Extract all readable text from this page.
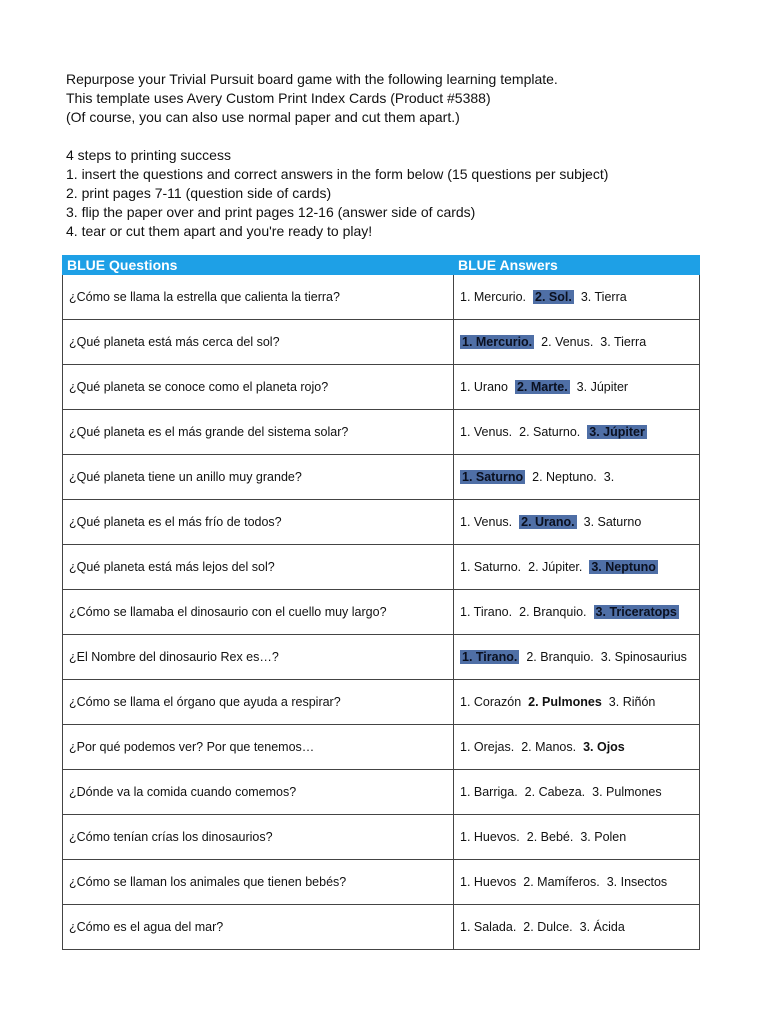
Repurpose your Trivial Pursuit board game with the following learning template.

This template uses Avery Custom Print Index Cards (Product #5388)

(Of course, you can also use normal paper and cut them apart.)

4 steps to printing success

1. insert the questions and correct answers in the form below (15 questions per subject)

2. print pages 7-11 (question side of cards)

3. flip the paper over and print pages 12-16 (answer side of cards)

4. tear or cut them apart and you're ready to play!

BLUE Questions	BLUE Answers
¿Cómo se llama la estrella que calienta la tierra?	1. Mercurio. 2. Sol. 3. Tierra
¿Qué planeta está más cerca del sol?	1. Mercurio. 2. Venus. 3. Tierra
¿Qué planeta se conoce como el planeta rojo?	1. Urano 2. Marte. 3. Júpiter
¿Qué planeta es el más grande del sistema solar?	1. Venus. 2. Saturno. 3. Júpiter
¿Qué planeta tiene un anillo muy grande?	1. Saturno 2. Neptuno. 3.
¿Qué planeta es el más frío de todos?	1. Venus. 2. Urano. 3. Saturno
¿Qué planeta está más lejos del sol?	1. Saturno. 2. Júpiter. 3. Neptuno
¿Cómo se llamaba el dinosaurio con el cuello muy largo?	1. Tirano. 2. Branquio. 3. Triceratops
¿El Nombre del dinosaurio Rex es…?	1. Tirano. 2. Branquio. 3. Spinosaurius
¿Cómo se llama el órgano que ayuda a respirar?	1. Corazón 2. Pulmones 3. Riñón
¿Por qué podemos ver? Por que tenemos…	1. Orejas. 2. Manos. 3. Ojos
¿Dónde va la comida cuando comemos?	1. Barriga. 2. Cabeza. 3. Pulmones
¿Cómo tenían crías los dinosaurios?	1. Huevos. 2. Bebé. 3. Polen
¿Cómo se llaman los animales que tienen bebés?	1. Huevos 2. Mamíferos. 3. Insectos
¿Cómo es el agua del mar?	1. Salada. 2. Dulce. 3. Ácida
